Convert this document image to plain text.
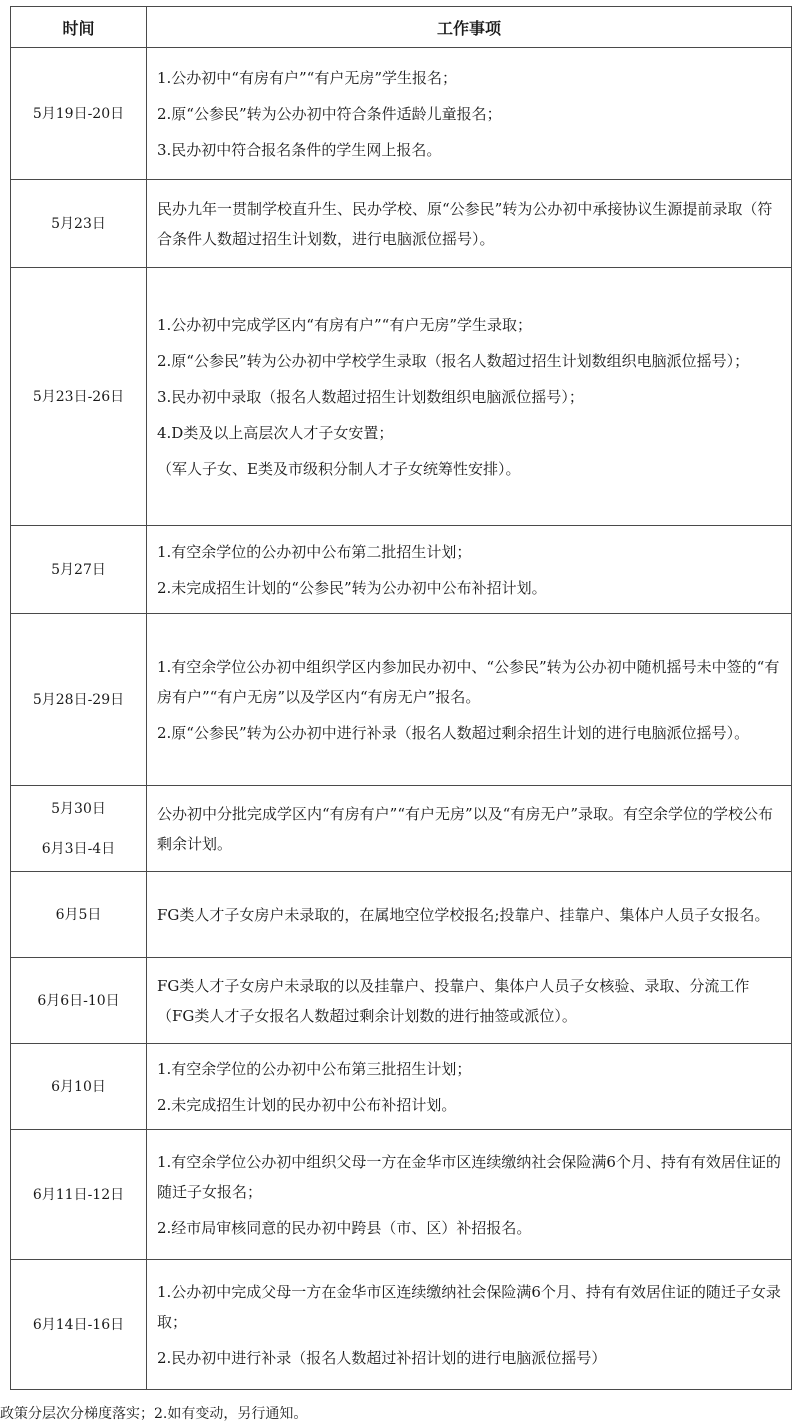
时间	工作事项

5月19日-20日	1.公办初中“有房有户”“有户无房”学生报名；

2.原“公参民”转为公办初中符合条件适龄儿童报名；

3.民办初中符合报名条件的学生网上报名。

5月23日	民办九年一贯制学校直升生、民办学校、原“公参民”转为公办初中承接协议生源提前录取（符合条件人数超过招生计划数，进行电脑派位摇号）。

5月23日-26日	1.公办初中完成学区内“有房有户”“有户无房”学生录取；

2.原“公参民”转为公办初中学校学生录取（报名人数超过招生计划数组织电脑派位摇号）；

3.民办初中录取（报名人数超过招生计划数组织电脑派位摇号）；

4.D类及以上高层次人才子女安置；

（军人子女、E类及市级积分制人才子女统筹性安排）。

5月27日	1.有空余学位的公办初中公布第二批招生计划；

2.未完成招生计划的“公参民”转为公办初中公布补招计划。

5月28日-29日	1.有空余学位公办初中组织学区内参加民办初中、“公参民”转为公办初中随机摇号未中签的“有房有户”“有户无房”以及学区内“有房无户”报名。

2.原“公参民”转为公办初中进行补录（报名人数超过剩余招生计划的进行电脑派位摇号）。

5月30日
6月3日-4日	公办初中分批完成学区内“有房有户”“有户无房”以及“有房无户”录取。有空余学位的学校公布剩余计划。

6月5日	FG类人才子女房户未录取的，在属地空位学校报名;投靠户、挂靠户、集体户人员子女报名。

6月6日-10日	FG类人才子女房户未录取的以及挂靠户、投靠户、集体户人员子女核验、录取、分流工作（FG类人才子女报名人数超过剩余计划数的进行抽签或派位）。

6月10日	1.有空余学位的公办初中公布第三批招生计划；

2.未完成招生计划的民办初中公布补招计划。

6月11日-12日	1.有空余学位公办初中组织父母一方在金华市区连续缴纳社会保险满6个月、持有有效居住证的随迁子女报名；

2.经市局审核同意的民办初中跨县（市、区）补招报名。

6月14日-16日	1.公办初中完成父母一方在金华市区连续缴纳社会保险满6个月、持有有效居住证的随迁子女录取；

2.民办初中进行补录（报名人数超过补招计划的进行电脑派位摇号）

政策分层次分梯度落实；2.如有变动，另行通知。
